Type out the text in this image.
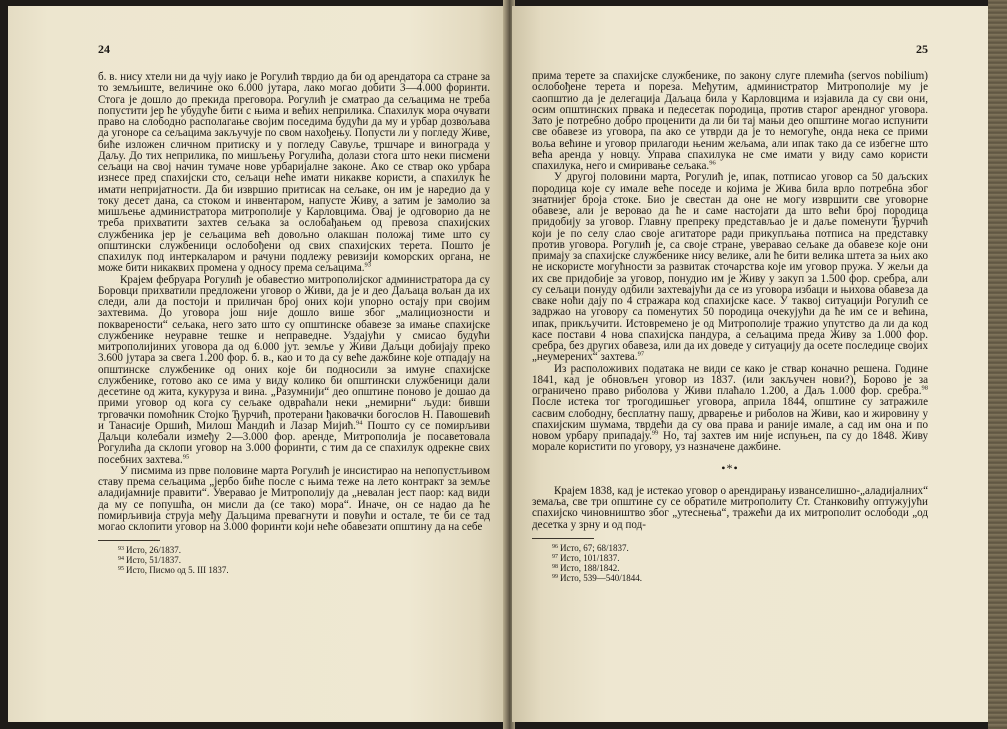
24

б. в. нису хтели ни да чују иако је Рогулић тврдио да би од арендатора са стране за то земљиште, величине око 6.000 јутара, лако могао добити 3—4.000 форинти. Стога је дошло до прекида преговора. Рогулић је сматрао да сељацима не треба попустити јер ће убудуће бити с њима и већих неприлика. Спахилук мора очувати право на слободно располагање својим поседима будући да му и урбар дозвољава да угоноре са сељацима закључује по свом нахођењу. Попусти ли у погледу Живе, биће изложен сличном притиску и у погледу Савуље, тршчаре и винограда у Даљу. До тих неприлика, по мишљењу Рогулића, долази стога што неки писмени сељаци на свој начин тумаче нове урбаријалне законе. Ако се ствар око урбара изнесе пред спахијски сто, сељаци неће имати никакве користи, а спахилук ће имати непријатности. Да би извршио притисак на сељаке, он им је наредио да у току десет дана, са стоком и инвентаром, напусте Живу, а затим је замолио за мишљење администратора митрополије у Карловцима. Овај је одговорио да не треба прихватити захтев сељака за ослобађањем од превоза спахијских службеника јер је сељацима већ довољно олакшан положај тиме што су општински службеници ослобођени од свих спахијских терета. Пошто је спахилук под интеркаларом и рачуни подлежу ревизији коморских органа, не може бити никаквих промена у односу према сељацима.$^{93}$

Крајем фебруара Рогулић је обавестио митрополијског администратора да су Боровци прихватили предложени уговор о Живи, да је и део Даљаца вољан да их следи, али да постоји и приличан број оних који упорно остају при својим захтевима. До уговора још није дошло више због „малициозности и покварености“ сељака, него зато што су општинске обавезе за имање спахијске службенике неуравне тешке и неправедне. Уздајући у смисао будући митрополијиних уговора да од 6.000 јут. земље у Живи Даљци добијају преко 3.600 јутара за свега 1.200 фор. б. в., као и то да су веће дажбине које отпадају на општинске службенике од оних које би подносили за имуне спахијске службенике, готово ако се има у виду колико би општински службеници дали десетине од жита, кукуруза и вина. „Разумнији“ део општине поново је дошао да прими уговор од кога су сељаке одвраћали неки „немирни“ људи: бивши трговачки помоћник Стојко Ђурчић, протерани ђаковачки богослов Н. Павошевић и Танасије Оршић, Милош Мандић и Лазар Мијић.$^{94}$ Пошто су се помирљиви Даљци колебали између 2—3.000 фор. аренде, Митрополија је посаветовала Рогулића да склопи уговор на 3.000 форинти, с тим да се спахилук одрекне свих посебних захтева.$^{95}$

У писмима из прве половине марта Рогулић је инсистирао на непопустљивом ставу према сељацима „јербо биће после с њима теже на лето контракт за земље аладијамније правити“. Уверавао је Митрополију да „невалан јест паор: кад види да му се попушћа, он мисли да (се тако) мора“. Иначе, он се надао да ће помирљивија струја међу Даљцима превагнути и повући и остале, те би се тад могао склопити уговор на 3.000 форинти који неће обавезати општину да на себе

93 Исто, 26/1837.
94 Исто, 51/1837.
95 Исто, Писмо од 5. III 1837.
25

прима терете за спахијске службенике, по закону слуге племића (servos nobilium) ослобођене терета и пореза. Међутим, администратор Митрополије му је саопштио да је делегација Даљаца била у Карловцима и изјавила да су сви они, осим општинских првака и педесетак породица, против старог арендног уговора. Зато је потребно добро проценити да ли би тај мањи део општине могао испунити све обавезе из уговора, па ако се утврди да је то немогуће, онда нека се прими воља већине и уговор прилагоди њеним жељама, али ипак тако да се избегне што већа аренда у новцу. Управа спахилука не сме имати у виду само користи спахилука, него и смиривање сељака.$^{96}$

У другој половини марта, Рогулић је, ипак, потписао уговор са 50 даљских породица које су имале веће поседе и којима је Жива била врло потребна због знатнијег броја стоке. Био је свестан да оне не могу извршити све уговорне обавезе, али је веровао да ће и саме настојати да што већи број породица придобију за уговор. Главну препреку представљао је и даље поменути Ђурчић који је по селу слао своје агитаторе ради прикупљања потписа на представку против уговора. Рогулић је, са своје стране, уверавао сељаке да обавезе које они примају за спахијске службенике нису велике, али ће бити велика штета за њих ако не искористе могућности за развитак сточарства које им уговор пружа. У жељи да их све придобије за уговор, понудио им је Живу у закуп за 1.500 фор. сребра, али су сељаци понуду одбили захтевајући да се из уговора избаци и њихова обавеза да сваке ноћи дају по 4 стражара код спахијске касе. У таквој ситуацији Рогулић се задржао на уговору са поменутих 50 породица очекујући да ће им се и већина, ипак, прикључити. Истовремено је од Митрополије тражио упутство да ли да код касе постави 4 нова спахијска пандура, а сељацима преда Живу за 1.000 фор. сребра, без других обавеза, или да их доведе у ситуацију да осете последице својих „неумерених“ захтева.$^{97}$

Из расположивих података не види се како је ствар коначно решена. Године 1841, кад је обновљен уговор из 1837. (или закључен нови?), Борово је за ограничено право риболова у Живи плаћало 1.200, а Даљ 1.000 фор. сребра.$^{98}$ После истека тог трогодишњег уговора, априла 1844, општине су затражиле сасвим слободну, бесплатну пашу, дрварење и риболов на Живи, као и жировину у спахијским шумама, тврдећи да су ова права и раније имале, а сад им она и по новом урбару припадају.$^{99}$ Но, тај захтев им није испуњен, па су до 1848. Живу морале користити по уговору, уз назначене дажбине.

•*•

Крајем 1838, кад је истекао уговор о арендирању изванселишно-„аладијалних“ земаља, све три општине су се обратиле митрополиту Ст. Станковићу оптужујући спахијско чиновништво због „утеснења“, тражећи да их митрополит ослободи „од десетка у зрну и од под-

96 Исто, 67; 68/1837.
97 Исто, 101/1837.
98 Исто, 188/1842.
99 Исто, 539—540/1844.
